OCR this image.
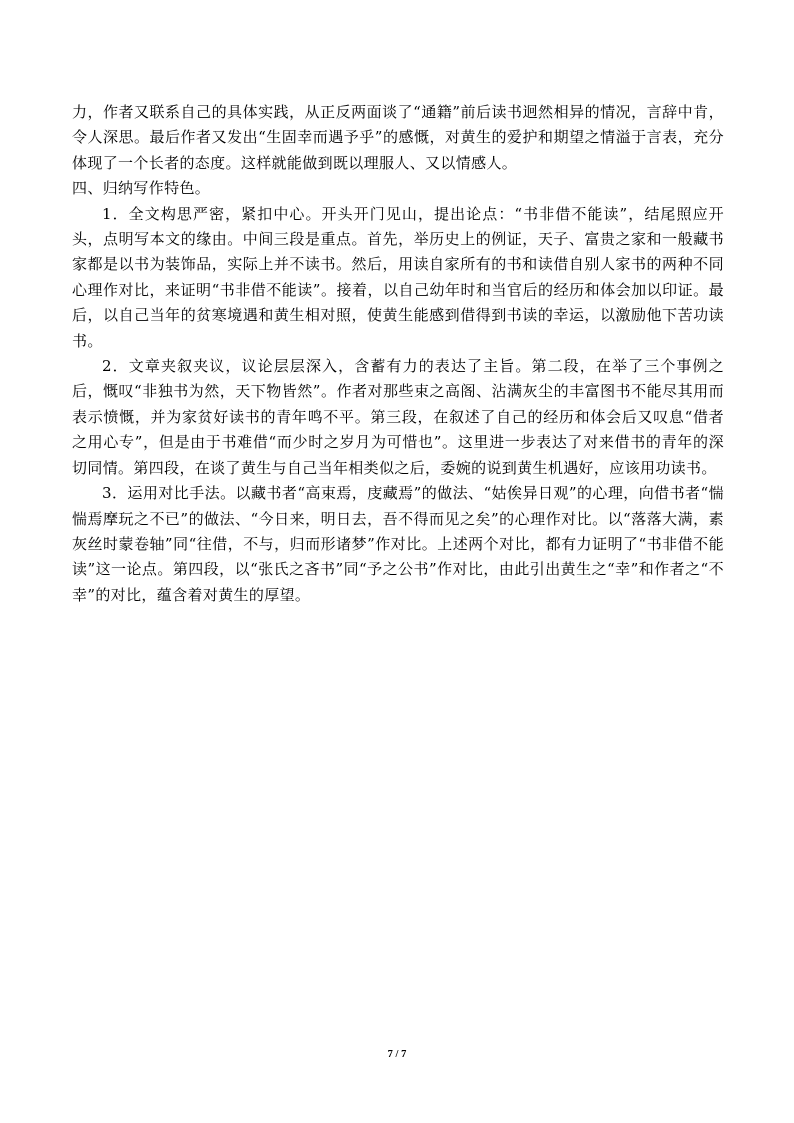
力，作者又联系自己的具体实践，从正反两面谈了“通籍”前后读书迥然相异的情况，言辞中肯，令人深思。最后作者又发出“生固幸而遇予乎”的感慨，对黄生的爱护和期望之情溢于言表，充分体现了一个长者的态度。这样就能做到既以理服人、又以情感人。

四、归纳写作特色。

1．全文构思严密，紧扣中心。开头开门见山，提出论点：“书非借不能读”，结尾照应开头，点明写本文的缘由。中间三段是重点。首先，举历史上的例证，天子、富贵之家和一般藏书家都是以书为装饰品，实际上并不读书。然后，用读自家所有的书和读借自别人家书的两种不同心理作对比，来证明“书非借不能读”。接着，以自己幼年时和当官后的经历和体会加以印证。最后，以自己当年的贫寒境遇和黄生相对照，使黄生能感到借得到书读的幸运，以激励他下苦功读书。

2．文章夹叙夹议，议论层层深入，含蓄有力的表达了主旨。第二段，在举了三个事例之后，慨叹“非独书为然，天下物皆然”。作者对那些束之高阁、沾满灰尘的丰富图书不能尽其用而表示愤慨，并为家贫好读书的青年鸣不平。第三段，在叙述了自己的经历和体会后又叹息“借者之用心专”，但是由于书难借“而少时之岁月为可惜也”。这里进一步表达了对来借书的青年的深切同情。第四段，在谈了黄生与自己当年相类似之后，委婉的说到黄生机遇好，应该用功读书。

3．运用对比手法。以藏书者“高束焉，庋藏焉”的做法、“姑俟异日观”的心理，向借书者“惴惴焉摩玩之不已”的做法、“今日来，明日去，吾不得而见之矣”的心理作对比。以“落落大满，素灰丝时蒙卷轴”同“往借，不与，归而形诸梦”作对比。上述两个对比，都有力证明了“书非借不能读”这一论点。第四段，以“张氏之吝书”同“予之公书”作对比，由此引出黄生之“幸”和作者之“不幸”的对比，蕴含着对黄生的厚望。

7 / 7
